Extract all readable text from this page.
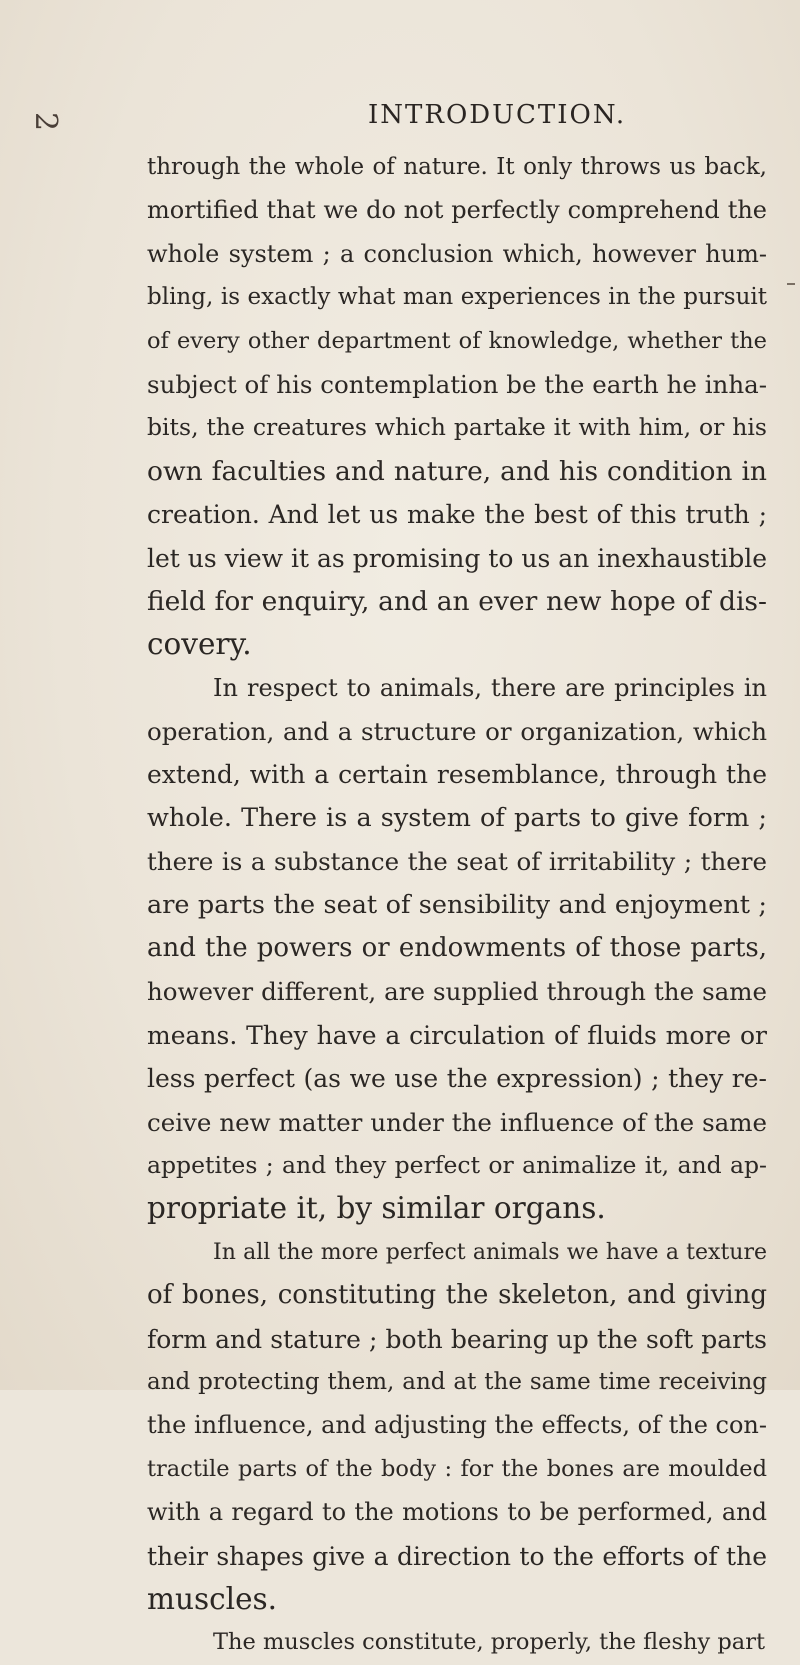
2	INTRODUCTION.
through the whole of nature. It only throws us back,
mortified that we do not perfectly comprehend the
whole system ; a conclusion which, however hum-
bling, is exactly what man experiences in the pursuit
of every other department of knowledge, whether the
subject of his contemplation be the earth he inha-
bits, the creatures which partake it with him, or his
own faculties and nature, and his condition in
creation. And let us make the best of this truth ;
let us view it as promising to us an inexhaustible
field for enquiry, and an ever new hope of dis-
covery.
In respect to animals, there are principles in
operation, and a structure or organization, which
extend, with a certain resemblance, through the
whole. There is a system of parts to give form ;
there is a substance the seat of irritability ; there
are parts the seat of sensibility and enjoyment ;
and the powers or endowments of those parts,
however different, are supplied through the same
means. They have a circulation of fluids more or
less perfect (as we use the expression) ; they re-
ceive new matter under the influence of the same
appetites ; and they perfect or animalize it, and ap-
propriate it, by similar organs.
In all the more perfect animals we have a texture
of bones, constituting the skeleton, and giving
form and stature ; both bearing up the soft parts
and protecting them, and at the same time receiving
the influence, and adjusting the effects, of the con-
tractile parts of the body : for the bones are moulded
with a regard to the motions to be performed, and
their shapes give a direction to the efforts of the
muscles.
The muscles constitute, properly, the fleshy part
